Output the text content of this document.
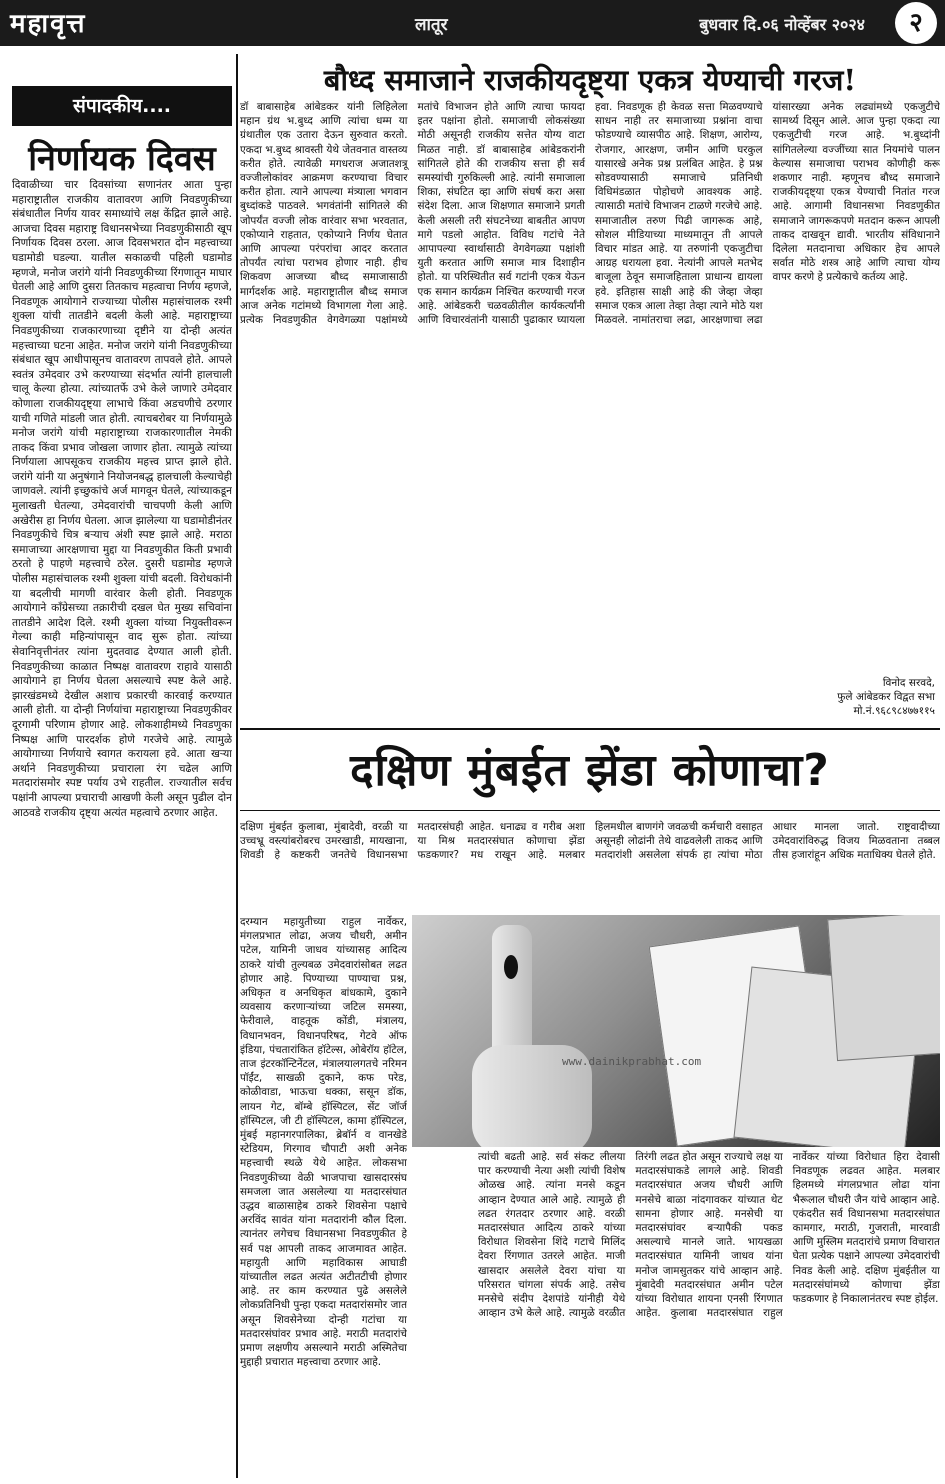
महावृत्त	लातूर	बुधवार दि.०६ नोव्हेंबर २०२४	२
संपादकीय....
निर्णायक दिवस
दिवाळीच्या चार दिवसांच्या सणानंतर आता पुन्हा महाराष्ट्रातील राजकीय वातावरण आणि निवडणुकीच्या संबंधातील निर्णय यावर समाध्यांचे लक्ष केंद्रित झाले आहे. आजचा दिवस महाराष्ट्र विधानसभेच्या निवडणुकीसाठी खूप निर्णायक दिवस ठरला. आज दिवसभरात दोन महत्त्वाच्या घडामोडी घडल्या. यातील सकाळची पहिली घडामोड म्हणजे, मनोज जरांगे यांनी निवडणुकीच्या रिंगणातून माघार घेतली आहे आणि दुसरा तितकाच महत्वाचा निर्णय म्हणजे, निवडणूक आयोगाने राज्याच्या पोलीस महासंचालक रश्मी शुक्ला यांची तातडीने बदली केली आहे. महाराष्ट्राच्या निवडणुकीच्या राजकारणाच्या दृष्टीने या दोन्ही अत्यंत महत्त्वाच्या घटना आहेत. मनोज जरांगे यांनी निवडणुकीच्या संबंधात खूप आधीपासूनच वातावरण तापवले होते. आपले स्वतंत्र उमेदवार उभे करण्याच्या संदर्भात त्यांनी हालचाली चालू केल्या होत्या. त्यांच्यातर्फे उभे केले जाणारे उमेदवार कोणाला राजकीयदृष्ट्या लाभाचे किंवा अडचणीचे ठरणार याची गणिते मांडली जात होती. त्याचबरोबर या निर्णयामुळे मनोज जरांगे यांची महाराष्ट्राच्या राजकारणातील नेमकी ताकद किंवा प्रभाव जोखला जाणार होता. त्यामुळे त्यांच्या निर्णयाला आपसूकच राजकीय महत्त्व प्राप्त झाले होते. जरांगे यांनी या अनुषंगाने नियोजनबद्ध हालचाली केल्याचेही जाणवले. त्यांनी इच्छुकांचे अर्ज मागवून घेतले, त्यांच्याकडून मुलाखती घेतल्या, उमेदवारांची चाचपणी केली आणि अखेरीस हा निर्णय घेतला. आज झालेल्या या घडामोडीनंतर निवडणुकीचे चित्र बऱ्याच अंशी स्पष्ट झाले आहे. मराठा समाजाच्या आरक्षणाचा मुद्दा या निवडणुकीत किती प्रभावी ठरतो हे पाहणे महत्त्वाचे ठरेल. दुसरी घडामोड म्हणजे पोलीस महासंचालक रश्मी शुक्ला यांची बदली. विरोधकांनी या बदलीची मागणी वारंवार केली होती. निवडणूक आयोगाने काँग्रेसच्या तक्रारीची दखल घेत मुख्य सचिवांना तातडीने आदेश दिले. रश्मी शुक्ला यांच्या नियुक्तीवरून गेल्या काही महिन्यांपासून वाद सुरू होता. त्यांच्या सेवानिवृत्तीनंतर त्यांना मुदतवाढ देण्यात आली होती. निवडणुकीच्या काळात निष्पक्ष वातावरण राहावे यासाठी आयोगाने हा निर्णय घेतला असल्याचे स्पष्ट केले आहे. झारखंडमध्ये देखील अशाच प्रकारची कारवाई करण्यात आली होती. या दोन्ही निर्णयांचा महाराष्ट्राच्या निवडणुकीवर दूरगामी परिणाम होणार आहे. लोकशाहीमध्ये निवडणुका निष्पक्ष आणि पारदर्शक होणे गरजेचे आहे. त्यामुळे आयोगाच्या निर्णयाचे स्वागत करायला हवे. आता खऱ्या अर्थाने निवडणुकीच्या प्रचाराला रंग चढेल आणि मतदारांसमोर स्पष्ट पर्याय उभे राहतील. राज्यातील सर्वच पक्षांनी आपल्या प्रचाराची आखणी केली असून पुढील दोन आठवडे राजकीय दृष्ट्या अत्यंत महत्वाचे ठरणार आहेत.
बौध्द समाजाने राजकीयदृष्ट्या एकत्र येण्याची गरज!
डॉ बाबासाहेब आंबेडकर यांनी लिहिलेला महान ग्रंथ भ.बुध्द आणि त्यांचा धम्म या ग्रंथातील एक उतारा देऊन सुरुवात करतो. एकदा भ.बुध्द श्रावस्ती येथे जेतवनात वास्तव्य करीत होते. त्यावेळी मगधराज अजातशत्रू वज्जीलोकांवर आक्रमण करण्याचा विचार करीत होता. त्याने आपल्या मंत्र्याला भगवान बुध्दांकडे पाठवले. भगवंतांनी सांगितले की जोपर्यंत वज्जी लोक वारंवार सभा भरवतात, एकोप्याने राहतात, एकोप्याने निर्णय घेतात आणि आपल्या परंपरांचा आदर करतात तोपर्यंत त्यांचा पराभव होणार नाही. हीच शिकवण आजच्या बौध्द समाजासाठी मार्गदर्शक आहे. महाराष्ट्रातील बौध्द समाज आज अनेक गटांमध्ये विभागला गेला आहे. प्रत्येक निवडणुकीत वेगवेगळ्या पक्षांमध्ये मतांचे विभाजन होते आणि त्याचा फायदा इतर पक्षांना होतो. समाजाची लोकसंख्या मोठी असूनही राजकीय सत्तेत योग्य वाटा मिळत नाही. डॉ बाबासाहेब आंबेडकरांनी सांगितले होते की राजकीय सत्ता ही सर्व समस्यांची गुरुकिल्ली आहे. त्यांनी समाजाला शिका, संघटित व्हा आणि संघर्ष करा असा संदेश दिला. आज शिक्षणात समाजाने प्रगती केली असली तरी संघटनेच्या बाबतीत आपण मागे पडलो आहोत. विविध गटांचे नेते आपापल्या स्वार्थासाठी वेगवेगळ्या पक्षांशी युती करतात आणि समाज मात्र दिशाहीन होतो. या परिस्थितीत सर्व गटांनी एकत्र येऊन एक समान कार्यक्रम निश्चित करण्याची गरज आहे. आंबेडकरी चळवळीतील कार्यकर्त्यांनी आणि विचारवंतांनी यासाठी पुढाकार घ्यायला हवा. निवडणूक ही केवळ सत्ता मिळवण्याचे साधन नाही तर समाजाच्या प्रश्नांना वाचा फोडण्याचे व्यासपीठ आहे. शिक्षण, आरोग्य, रोजगार, आरक्षण, जमीन आणि घरकुल यासारखे अनेक प्रश्न प्रलंबित आहेत. हे प्रश्न सोडवण्यासाठी समाजाचे प्रतिनिधी विधिमंडळात पोहोचणे आवश्यक आहे. त्यासाठी मतांचे विभाजन टाळणे गरजेचे आहे. समाजातील तरुण पिढी जागरूक आहे, सोशल मीडियाच्या माध्यमातून ती आपले विचार मांडत आहे. या तरुणांनी एकजुटीचा आग्रह धरायला हवा. नेत्यांनी आपले मतभेद बाजूला ठेवून समाजहिताला प्राधान्य द्यायला हवे. इतिहास साक्षी आहे की जेव्हा जेव्हा समाज एकत्र आला तेव्हा तेव्हा त्याने मोठे यश मिळवले. नामांतराचा लढा, आरक्षणाचा लढा यांसारख्या अनेक लढ्यांमध्ये एकजुटीचे सामर्थ्य दिसून आले. आज पुन्हा एकदा त्या एकजुटीची गरज आहे. भ.बुध्दांनी सांगितलेल्या वज्जींच्या सात नियमांचे पालन केल्यास समाजाचा पराभव कोणीही करू शकणार नाही. म्हणूनच बौध्द समाजाने राजकीयदृष्ट्या एकत्र येण्याची नितांत गरज आहे. आगामी विधानसभा निवडणुकीत समाजाने जागरूकपणे मतदान करून आपली ताकद दाखवून द्यावी. भारतीय संविधानाने दिलेला मतदानाचा अधिकार हेच आपले सर्वात मोठे शस्त्र आहे आणि त्याचा योग्य वापर करणे हे प्रत्येकाचे कर्तव्य आहे.
विनोद सरवदे,
फुले आंबेडकर विद्वत सभा
मो.नं.९६८९८४७७११५
दक्षिण मुंबईत झेंडा कोणाचा?
दक्षिण मुंबईत कुलाबा, मुंबादेवी, वरळी या उच्चभ्रू वस्त्यांबरोबरच उमरखाडी, मायखाना, शिवडी हे कष्टकरी जनतेचे विधानसभा मतदारसंघही आहेत. धनाढ्य व गरीब अशा या मिश्र मतदारसंघात कोणाचा झेंडा फडकणार? मध राखून आहे. मलबार हिलमधील बाणगंगे जवळची कर्मचारी वसाहत असूनही लोढांनी तेथे वाढवलेली ताकद आणि मतदारांशी असलेला संपर्क हा त्यांचा मोठा आधार मानला जातो. राष्ट्रवादीच्या उमेदवारांविरुद्ध विजय मिळवताना तब्बल तीस हजारांहून अधिक मताधिक्य घेतले होते.
दरम्यान महायुतीच्या राहुल नार्वेकर, मंगलप्रभात लोढा, अजय चौधरी, अमीन पटेल, यामिनी जाधव यांच्यासह आदित्य ठाकरे यांची तुल्यबळ उमेदवारांसोबत लढत होणार आहे. पिण्याच्या पाण्याचा प्रश्न, अधिकृत व अनधिकृत बांधकामे, दुकाने व्यवसाय करणाऱ्यांच्या जटिल समस्या, फेरीवाले, वाहतूक कोंडी, मंत्रालय, विधानभवन, विधानपरिषद, गेटवे ऑफ इंडिया, पंचतारांकित हॉटेल्स, ओबेरॉय हॉटेल, ताज इंटरकॉन्टिनेंटल, मंत्रालयालगतचे नरिमन पॉईंट, साखळी दुकाने, कफ परेड, कोळीवाडा, भाऊचा धक्का, ससून डॉक, लायन गेट, बॉम्बे हॉस्पिटल, सेंट जॉर्ज हॉस्पिटल, जी टी हॉस्पिटल, कामा हॉस्पिटल, मुंबई महानगरपालिका, ब्रेबॉर्न व वानखेडे स्टेडियम, गिरगाव चौपाटी अशी अनेक महत्त्वाची स्थळे येथे आहेत. लोकसभा निवडणुकीच्या वेळी भाजपाचा खासदारसंघ समजला जात असलेल्या या मतदारसंघात उद्धव बाळासाहेब ठाकरे शिवसेना पक्षाचे अरविंद सावंत यांना मतदारांनी कौल दिला. त्यानंतर लगेचच विधानसभा निवडणुकीत हे सर्व पक्ष आपली ताकद आजमावत आहेत. महायुती आणि महाविकास आघाडी यांच्यातील लढत अत्यंत अटीतटीची होणार आहे. तर काम करण्यात पुढे असलेले लोकप्रतिनिधी पुन्हा एकदा मतदारांसमोर जात असून शिवसेनेच्या दोन्ही गटांचा या मतदारसंघांवर प्रभाव आहे. मराठी मतदारांचे प्रमाण लक्षणीय असल्याने मराठी अस्मितेचा मुद्दाही प्रचारात महत्त्वाचा ठरणार आहे.
www.dainikprabhat.com
त्यांची बढती आहे. सर्व संकट लीलया पार करण्याची नेत्या अशी त्यांची विशेष ओळख आहे. त्यांना मनसे कडून आव्हान देण्यात आले आहे. त्यामुळे ही लढत रंगतदार ठरणार आहे. वरळी मतदारसंघात आदित्य ठाकरे यांच्या विरोधात शिवसेना शिंदे गटाचे मिलिंद देवरा रिंगणात उतरले आहेत. माजी खासदार असलेले देवरा यांचा या परिसरात चांगला संपर्क आहे. तसेच मनसेचे संदीप देशपांडे यांनीही येथे आव्हान उभे केले आहे. त्यामुळे वरळीत तिरंगी लढत होत असून राज्याचे लक्ष या मतदारसंघाकडे लागले आहे. शिवडी मतदारसंघात अजय चौधरी आणि मनसेचे बाळा नांदगावकर यांच्यात थेट सामना होणार आहे. मनसेची या मतदारसंघांवर बऱ्यापैकी पकड असल्याचे मानले जाते. भायखळा मतदारसंघात यामिनी जाधव यांना मनोज जामसुतकर यांचे आव्हान आहे. मुंबादेवी मतदारसंघात अमीन पटेल यांच्या विरोधात शायना एनसी रिंगणात आहेत. कुलाबा मतदारसंघात राहुल नार्वेकर यांच्या विरोधात हिरा देवासी निवडणूक लढवत आहेत. मलबार हिलमध्ये मंगलप्रभात लोढा यांना भैरूलाल चौधरी जैन यांचे आव्हान आहे. एकंदरीत सर्व विधानसभा मतदारसंघात कामगार, मराठी, गुजराती, मारवाडी आणि मुस्लिम मतदारांचे प्रमाण विचारात घेता प्रत्येक पक्षाने आपल्या उमेदवारांची निवड केली आहे. दक्षिण मुंबईतील या मतदारसंघांमध्ये कोणाचा झेंडा फडकणार हे निकालानंतरच स्पष्ट होईल.
